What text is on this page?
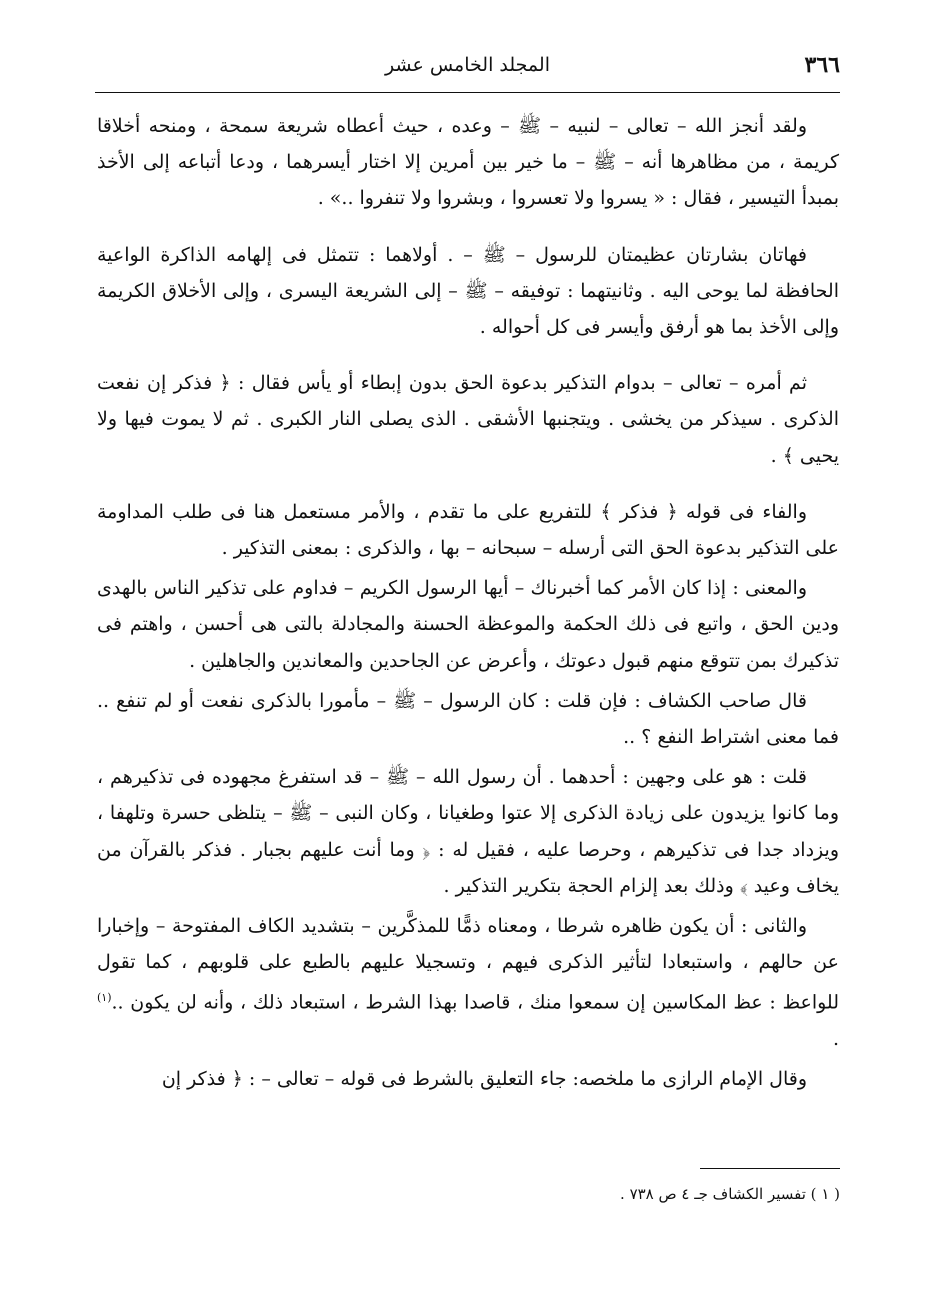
٣٦٦
المجلد الخامس عشر

ولقد أنجز الله – تعالى – لنبيه – ﷺ – وعده ، حيث أعطاه شريعة سمحة ، ومنحه أخلاقا كريمة ، من مظاهرها أنه – ﷺ – ما خير بين أمرين إلا اختار أيسرهما ، ودعا أتباعه إلى الأخذ بمبدأ التيسير ، فقال : « يسروا ولا تعسروا ، وبشروا ولا تنفروا ..» .

فهاتان بشارتان عظيمتان للرسول – ﷺ – . أولاهما : تتمثل فى إلهامه الذاكرة الواعية الحافظة لما يوحى اليه . وثانيتهما : توفيقه – ﷺ – إلى الشريعة اليسرى ، وإلى الأخلاق الكريمة وإلى الأخذ بما هو أرفق وأيسر فى كل أحواله .

ثم أمره – تعالى – بدوام التذكير بدعوة الحق بدون إبطاء أو يأس فقال : ﴿ فذكر إن نفعت الذكرى . سيذكر من يخشى . ويتجنبها الأشقى . الذى يصلى النار الكبرى . ثم لا يموت فيها ولا يحيى ﴾ .

والفاء فى قوله ﴿ فذكر ﴾ للتفريع على ما تقدم ، والأمر مستعمل هنا فى طلب المداومة على التذكير بدعوة الحق التى أرسله – سبحانه – بها ، والذكرى : بمعنى التذكير .

والمعنى : إذا كان الأمر كما أخبرناك – أيها الرسول الكريم – فداوم على تذكير الناس بالهدى ودين الحق ، واتبع فى ذلك الحكمة والموعظة الحسنة والمجادلة بالتى هى أحسن ، واهتم فى تذكيرك بمن تتوقع منهم قبول دعوتك ، وأعرض عن الجاحدين والمعاندين والجاهلين .

قال صاحب الكشاف : فإن قلت : كان الرسول – ﷺ – مأمورا بالذكرى نفعت أو لم تنفع .. فما معنى اشتراط النفع ؟ ..

قلت : هو على وجهين : أحدهما . أن رسول الله – ﷺ – قد استفرغ مجهوده فى تذكيرهم ، وما كانوا يزيدون على زيادة الذكرى إلا عتوا وطغيانا ، وكان النبى – ﷺ – يتلظى حسرة وتلهفا ، ويزداد جدا فى تذكيرهم ، وحرصا عليه ، فقيل له : ﴿ وما أنت عليهم بجبار . فذكر بالقرآن من يخاف وعيد ﴾ وذلك بعد إلزام الحجة بتكرير التذكير .

والثانى : أن يكون ظاهره شرطا ، ومعناه ذمًّا للمذكَّرين – بتشديد الكاف المفتوحة – وإخبارا عن حالهم ، واستبعادا لتأثير الذكرى فيهم ، وتسجيلا عليهم بالطبع على قلوبهم ، كما تقول للواعظ : عظ المكاسين إن سمعوا منك ، قاصدا بهذا الشرط ، استبعاد ذلك ، وأنه لن يكون ..$^{(١)}$ .

وقال الإمام الرازى ما ملخصه: جاء التعليق بالشرط فى قوله – تعالى – : ﴿ فذكر إن

( ١ ) تفسير الكشاف جـ ٤ ص ٧٣٨ .
